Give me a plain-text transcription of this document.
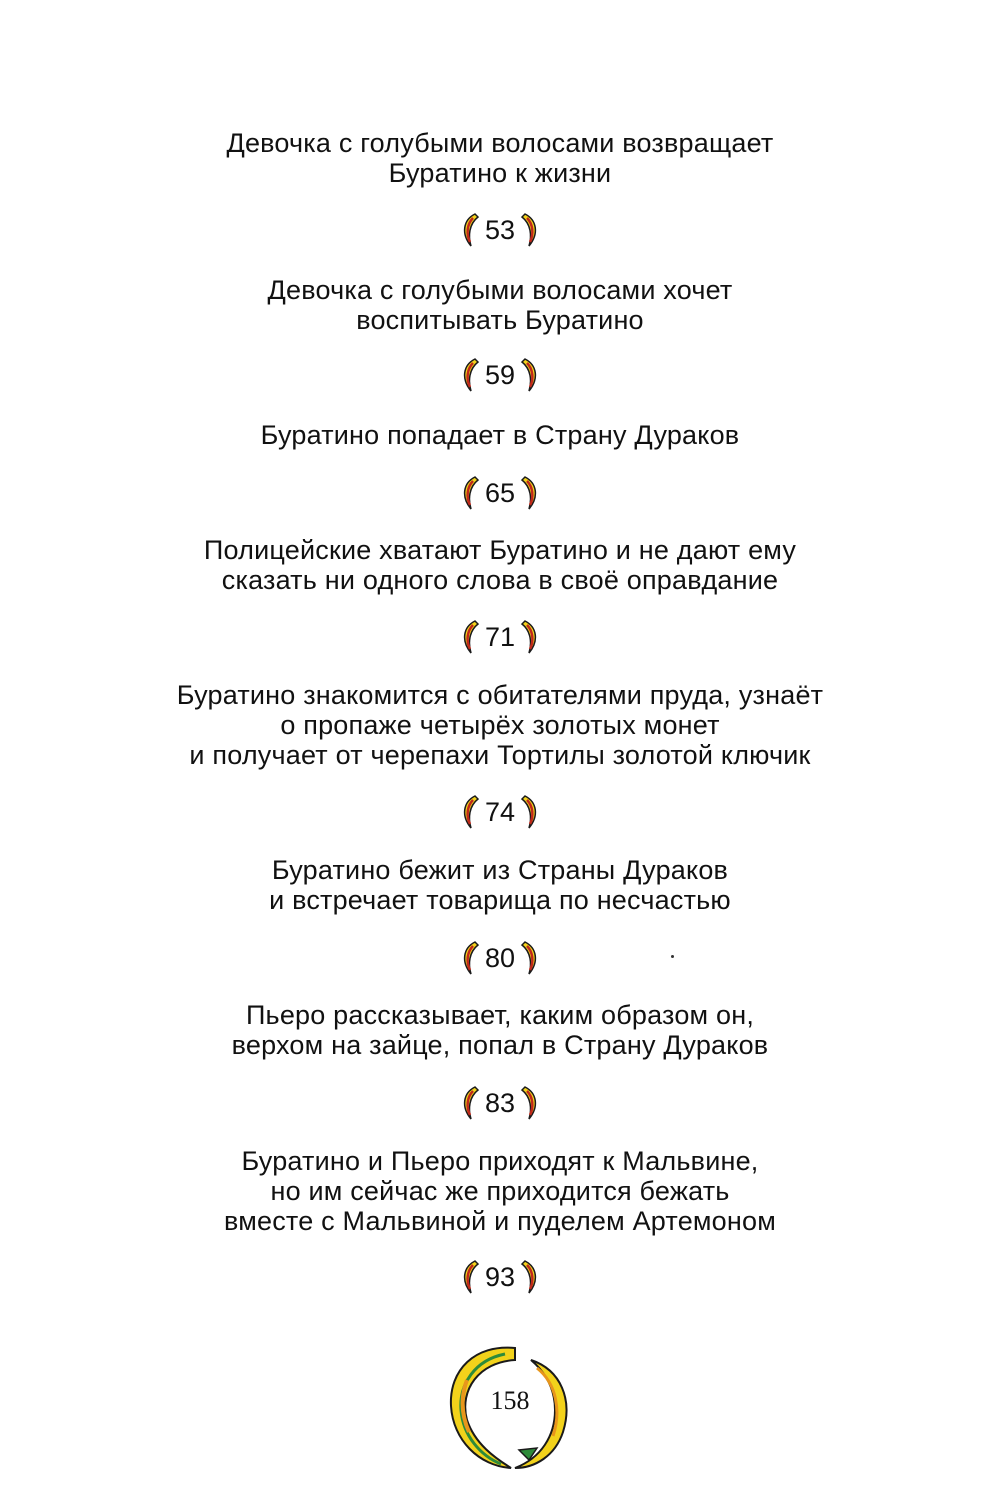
Девочка с голубыми волосами возвращает
Буратино к жизни
53
Девочка с голубыми волосами хочет
воспитывать Буратино
59
Буратино попадает в Страну Дураков
65
Полицейские хватают Буратино и не дают ему
сказать ни одного слова в своё оправдание
71
Буратино знакомится с обитателями пруда, узнаёт
о пропаже четырёх золотых монет
и получает от черепахи Тортилы золотой ключик
74
Буратино бежит из Страны Дураков
и встречает товарища по несчастью
80
Пьеро рассказывает, каким образом он,
верхом на зайце, попал в Страну Дураков
83
Буратино и Пьеро приходят к Мальвине,
но им сейчас же приходится бежать
вместе с Мальвиной и пуделем Артемоном
93
158
